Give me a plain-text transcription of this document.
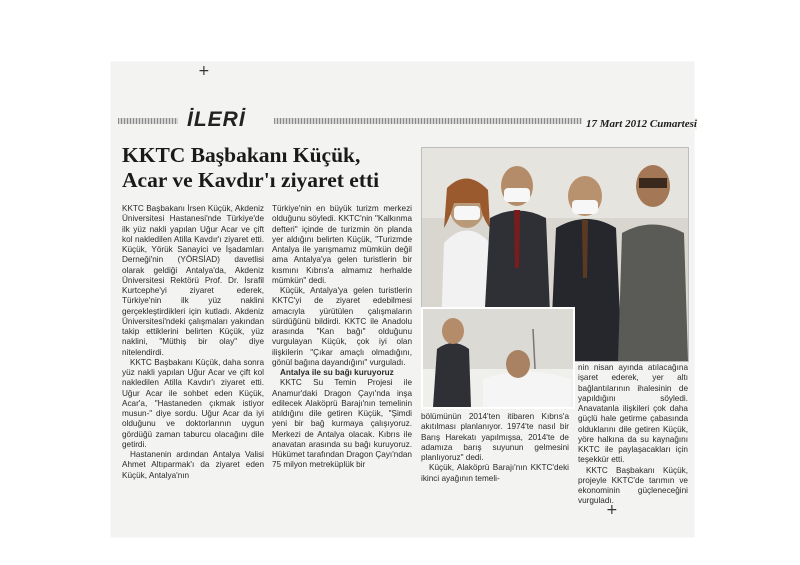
+
+
İLERİ	17 Mart 2012 Cumartesi
KKTC Başbakanı Küçük,
Acar ve Kavdır'ı ziyaret etti

KKTC Başbakanı İrsen Küçük, Akdeniz Üniversitesi Hastanesi'nde Türkiye'de ilk yüz nakli yapılan Uğur Acar ve çift kol nakledilen Atilla Kavdır'ı ziyaret etti. Küçük, Yörük Sanayici ve İşadamları Derneği'nin (YÖRSİAD) davetlisi olarak geldiği Antalya'da, Akdeniz Üniversitesi Rektörü Prof. Dr. İsrafil Kurtcephe'yi ziyaret ederek, Türkiye'nin ilk yüz naklini gerçekleştirdikleri için kutladı. Akdeniz Üniversitesi'ndeki çalışmaları yakından takip ettiklerini belirten Küçük, yüz naklini, "Müthiş bir olay" diye nitelendirdi.

KKTC Başbakanı Küçük, daha sonra yüz nakli yapılan Uğur Acar ve çift kol nakledilen Atilla Kavdır'ı ziyaret etti. Uğur Acar ile sohbet eden Küçük, Acar'a, "Hastaneden çıkmak istiyor musun-" diye sordu. Uğur Acar da iyi olduğunu ve doktorlarının uygun gördüğü zaman taburcu olacağını dile getirdi.

Hastanenin ardından Antalya Valisi Ahmet Altıparmak'ı da ziyaret eden Küçük, Antalya'nın

Türkiye'nin en büyük turizm merkezi olduğunu söyledi. KKTC'nin "Kalkınma defteri" içinde de turizmin ön planda yer aldığını belirten Küçük, "Turizmde Antalya ile yarışmamız mümkün değil ama Antalya'ya gelen turistlerin bir kısmını Kıbrıs'a almamız herhalde mümkün" dedi.

Küçük, Antalya'ya gelen turistlerin KKTC'yi de ziyaret edebilmesi amacıyla yürütülen çalışmaların sürdüğünü bildirdi. KKTC ile Anadolu arasında "Kan bağı" olduğunu vurgulayan Küçük, çok iyi olan ilişkilerin "Çıkar amaçlı olmadığını, gönül bağına dayandığını" vurguladı.

Antalya ile su bağı kuruyoruz

KKTC Su Temin Projesi ile Anamur'daki Dragon Çayı'nda inşa edilecek Alaköprü Barajı'nın temelinin atıldığını dile getiren Küçük, "Şimdi yeni bir bağ kurmaya çalışıyoruz. Merkezi de Antalya olacak. Kıbrıs ile anavatan arasında su bağı kuruyoruz. Hükümet tarafından Dragon Çayı'ndan 75 milyon metreküplük bir

bölümünün 2014'ten itibaren Kıbrıs'a akıtılması planlanıyor. 1974'te nasıl bir Barış Harekatı yapılmışsa, 2014'te de adamıza barış suyunun gelmesini planlıyoruz" dedi.

Küçük, Alaköprü Barajı'nın KKTC'deki ikinci ayağının temeli-

nin nisan ayında atılacağına işaret ederek, yer altı bağlantılarının ihalesinin de yapıldığını söyledi. Anavatanla ilişkileri çok daha güçlü hale getirme çabasında olduklarını dile getiren Küçük, yöre halkına da su kaynağını KKTC ile paylaşacakları için teşekkür etti.

KKTC Başbakanı Küçük, projeyle KKTC'de tarımın ve ekonominin güçleneceğini vurguladı.
